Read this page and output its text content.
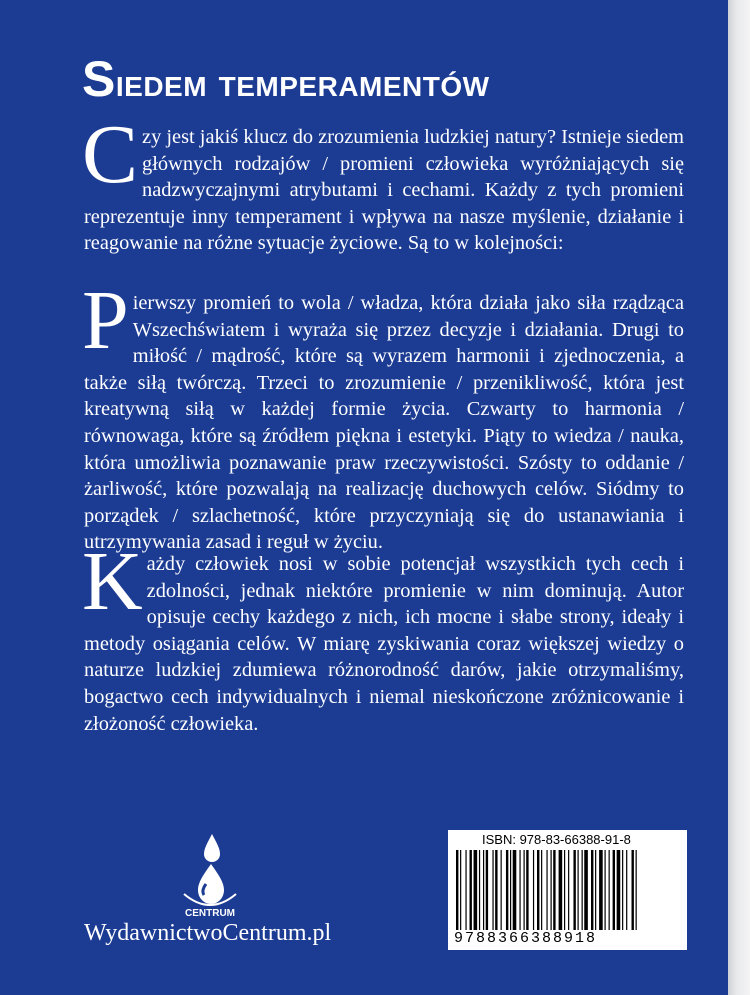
Siedem temperamentów
Czy jest jakiś klucz do zrozumienia ludzkiej natury? Istnieje siedem głównych rodzajów / promieni człowieka wyróżniających się nadzwyczajnymi atrybutami i cechami. Każdy z tych promieni reprezentuje inny temperament i wpływa na nasze myślenie, działanie i reagowanie na różne sytuacje życiowe. Są to w kolejności:
Pierwszy promień to wola / władza, która działa jako siła rządząca Wszechświatem i wyraża się przez decyzje i działania. Drugi to miłość / mądrość, które są wyrazem harmonii i zjednoczenia, a także siłą twórczą. Trzeci to zrozumienie / przenikliwość, która jest kreatywną siłą w każdej formie życia. Czwarty to harmonia / równowaga, które są źródłem piękna i estetyki. Piąty to wiedza / nauka, która umożliwia poznawanie praw rzeczywistości. Szósty to oddanie / żarliwość, które pozwalają na realizację duchowych celów. Siódmy to porządek / szlachetność, które przyczyniają się do ustanawiania i utrzymywania zasad i reguł w życiu.
Każdy człowiek nosi w sobie potencjał wszystkich tych cech i zdolności, jednak niektóre promienie w nim dominują. Autor opisuje cechy każdego z nich, ich mocne i słabe strony, ideały i metody osiągania celów. W miarę zyskiwania coraz większej wiedzy o naturze ludzkiej zdumiewa różnorodność darów, jakie otrzymaliśmy, bogactwo cech indywidualnych i niemal nieskończone zróżnicowanie i złożoność człowieka.
CENTRUM
WydawnictwoCentrum.pl
ISBN: 978-83-66388-91-8
9788366388918
